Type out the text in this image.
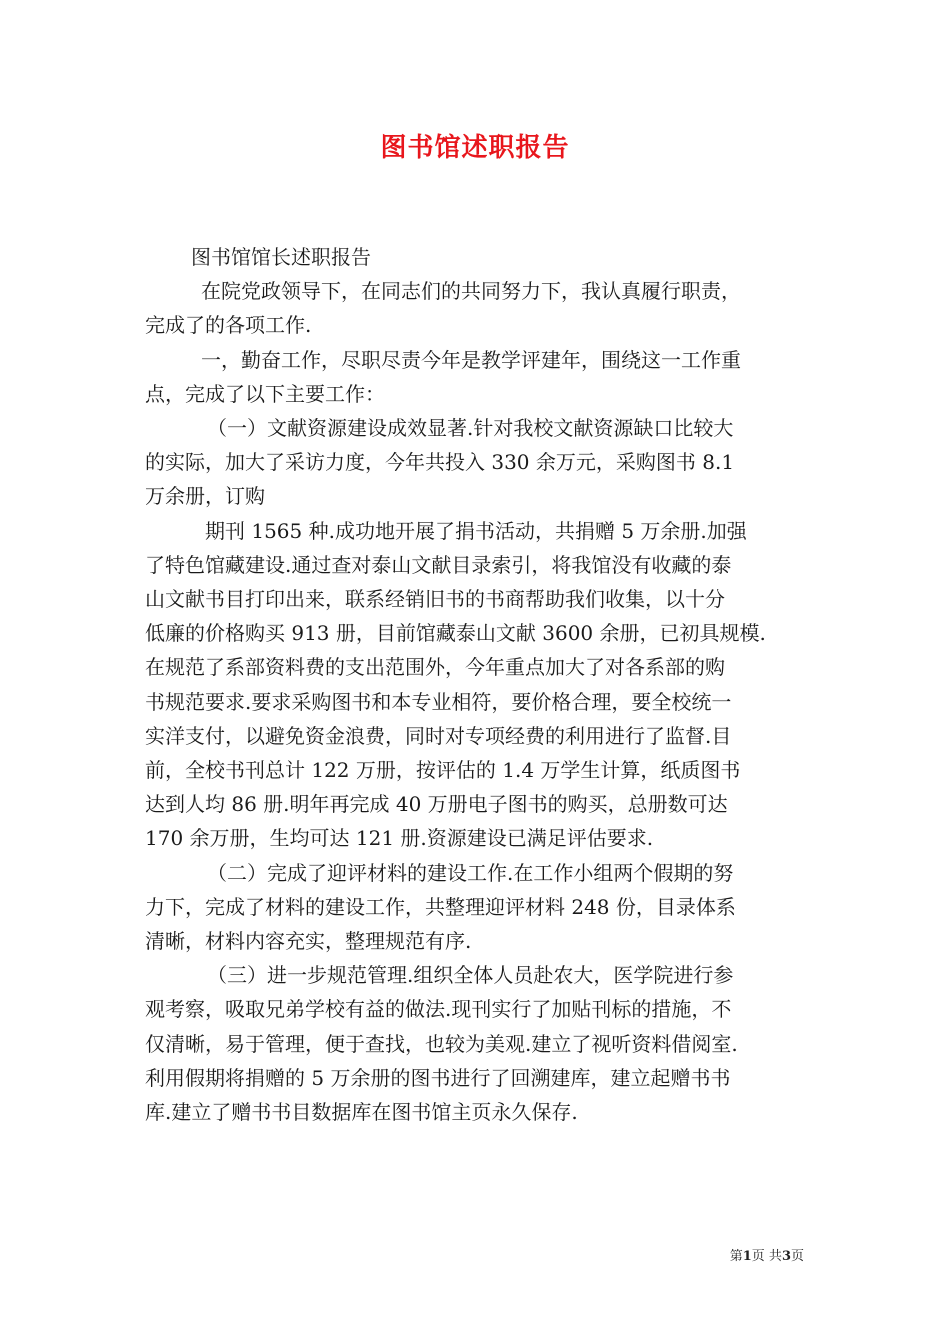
图书馆述职报告
图书馆馆长述职报告
在院党政领导下，在同志们的共同努力下，我认真履行职责，
完成了的各项工作.
一，勤奋工作，尽职尽责今年是教学评建年，围绕这一工作重
点，完成了以下主要工作：
（一）文献资源建设成效显著.针对我校文献资源缺口比较大
的实际，加大了采访力度，今年共投入 330 余万元，采购图书 8.1
万余册，订购
期刊 1565 种.成功地开展了捐书活动，共捐赠 5 万余册.加强
了特色馆藏建设.通过查对泰山文献目录索引，将我馆没有收藏的泰
山文献书目打印出来，联系经销旧书的书商帮助我们收集，以十分
低廉的价格购买 913 册，目前馆藏泰山文献 3600 余册，已初具规模.
在规范了系部资料费的支出范围外，今年重点加大了对各系部的购
书规范要求.要求采购图书和本专业相符，要价格合理，要全校统一
实洋支付，以避免资金浪费，同时对专项经费的利用进行了监督.目
前，全校书刊总计 122 万册，按评估的 1.4 万学生计算，纸质图书
达到人均 86 册.明年再完成 40 万册电子图书的购买，总册数可达
170 余万册，生均可达 121 册.资源建设已满足评估要求.
（二）完成了迎评材料的建设工作.在工作小组两个假期的努
力下，完成了材料的建设工作，共整理迎评材料 248 份，目录体系
清晰，材料内容充实，整理规范有序.
（三）进一步规范管理.组织全体人员赴农大，医学院进行参
观考察，吸取兄弟学校有益的做法.现刊实行了加贴刊标的措施，不
仅清晰，易于管理，便于查找，也较为美观.建立了视听资料借阅室.
利用假期将捐赠的 5 万余册的图书进行了回溯建库，建立起赠书书
库.建立了赠书书目数据库在图书馆主页永久保存.
第1页 共3页
